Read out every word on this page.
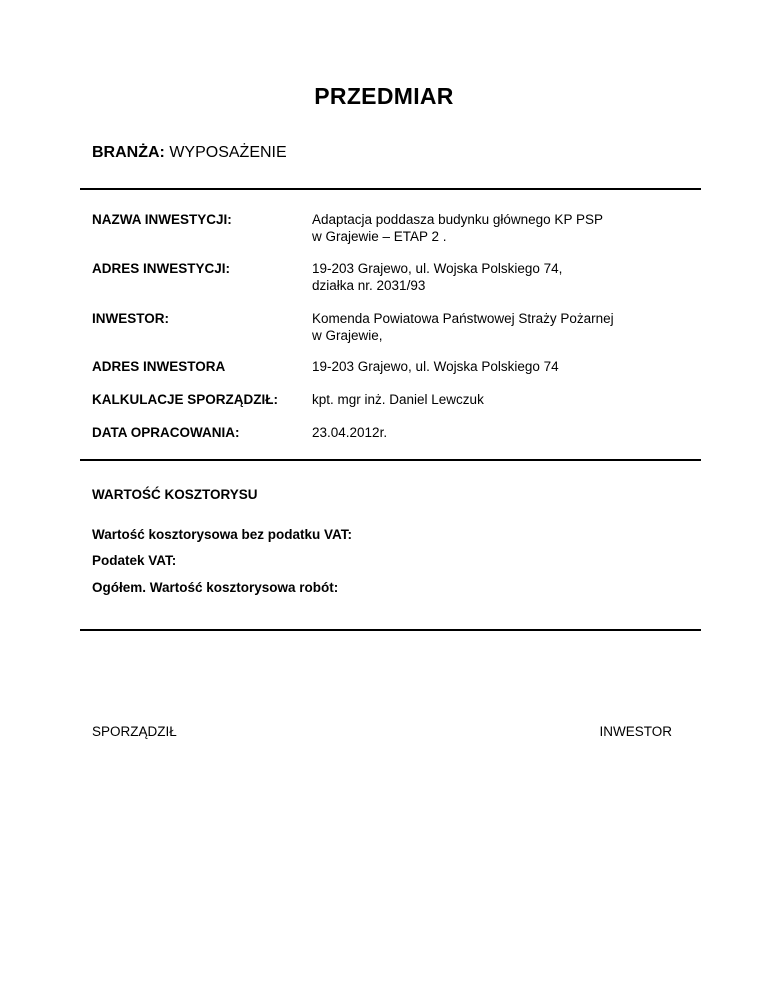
PRZEDMIAR
BRANŻA: WYPOSAŻENIE
NAZWA INWESTYCJI:	Adaptacja poddasza budynku głównego KP PSP
w Grajewie – ETAP 2 .
ADRES INWESTYCJI:	19-203 Grajewo, ul. Wojska Polskiego 74,
działka nr. 2031/93
INWESTOR:	Komenda Powiatowa Państwowej Straży Pożarnej
w Grajewie,
ADRES INWESTORA	19-203 Grajewo, ul. Wojska Polskiego 74
KALKULACJE SPORZĄDZIŁ:	kpt. mgr inż. Daniel Lewczuk
DATA OPRACOWANIA:	23.04.2012r.
WARTOŚĆ KOSZTORYSU
Wartość kosztorysowa bez podatku VAT:
Podatek VAT:
Ogółem. Wartość kosztorysowa robót:
SPORZĄDZIŁ	INWESTOR
